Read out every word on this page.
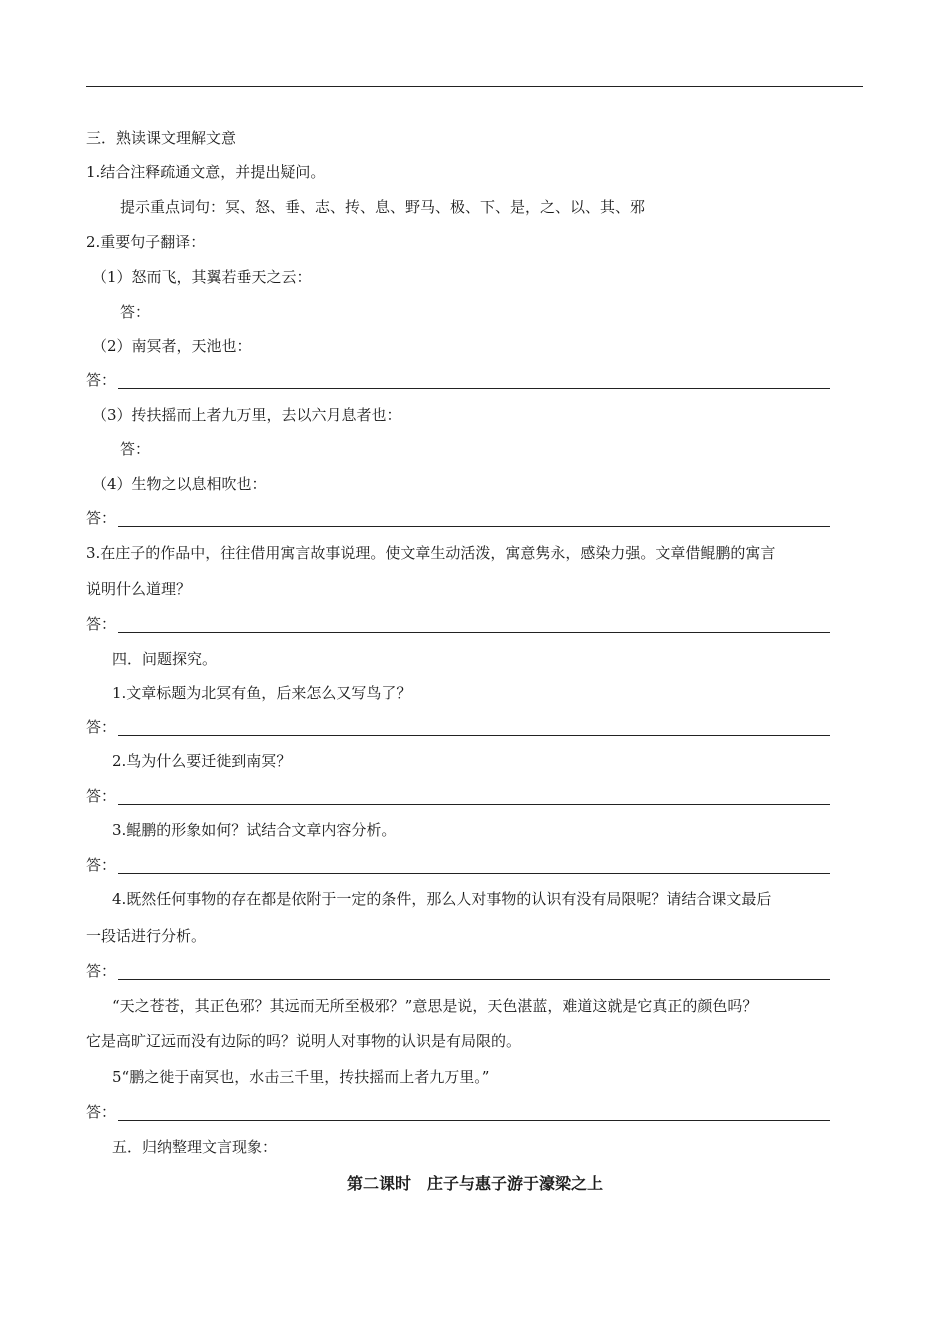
三．熟读课文理解文意
1.结合注释疏通文意，并提出疑问。
提示重点词句：冥、怒、垂、志、抟、息、野马、极、下、是，之、以、其、邪
2.重要句子翻译：
（1）怒而飞，其翼若垂天之云：
答：
（2）南冥者，天池也：
答：
（3）抟扶摇而上者九万里，去以六月息者也：
答：
（4）生物之以息相吹也：
答：
3.在庄子的作品中，往往借用寓言故事说理。使文章生动活泼，寓意隽永，感染力强。文章借鲲鹏的寓言
说明什么道理？
答：
四．问题探究。
1.文章标题为北冥有鱼，后来怎么又写鸟了？
答：
2.鸟为什么要迁徙到南冥？
答：
3.鲲鹏的形象如何？试结合文章内容分析。
答：
4.既然任何事物的存在都是依附于一定的条件，那么人对事物的认识有没有局限呢？请结合课文最后
一段话进行分析。
答：
“天之苍苍，其正色邪？其远而无所至极邪？”意思是说，天色湛蓝，难道这就是它真正的颜色吗？
它是高旷辽远而没有边际的吗？说明人对事物的认识是有局限的。
5“鹏之徙于南冥也，水击三千里，抟扶摇而上者九万里。”
答：
五．归纳整理文言现象：
第二课时　庄子与惠子游于濠梁之上
